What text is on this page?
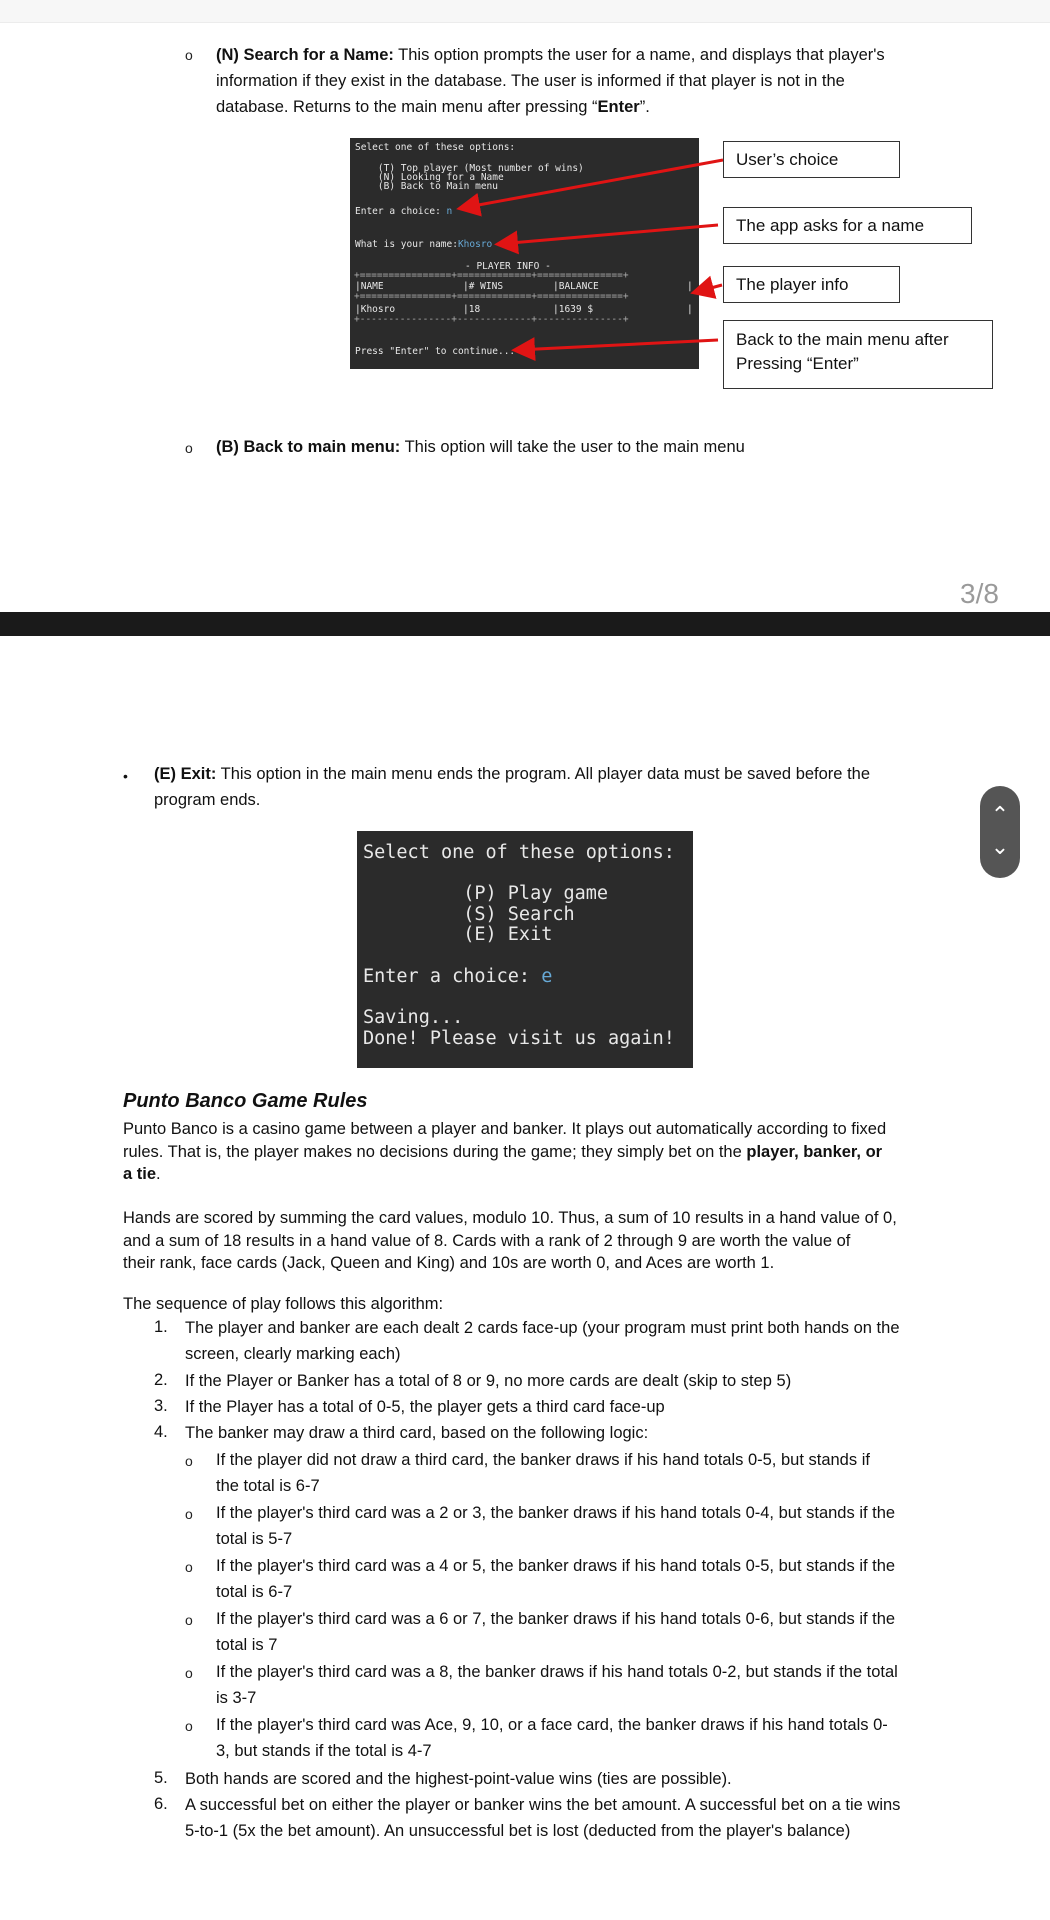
o (N) Search for a Name: This option prompts the user for a name, and displays that player's
information if they exist in the database. The user is informed if that player is not in the
database. Returns to the main menu after pressing “Enter”.
Select one of these options:
(T) Top player (Most number of wins)
(N) Looking for a Name
(B) Back to Main menu
Enter a choice: n
What is your name:Khosro
- PLAYER INFO -
+================+=============+===============+
|NAME	|# WINS	|BALANCE	|
+================+=============+===============+
|Khosro	|18	|1639 $	|
+----------------+-------------+---------------+
Press "Enter" to continue...
User’s choice
The app asks for a name
The player info
Back to the main menu after
Pressing “Enter”
o (B) Back to main menu: This option will take the user to the main menu
3/8
⌃
⌄
• (E) Exit: This option in the main menu ends the program. All player data must be saved before the
program ends.
Select one of these options:
(P) Play game
(S) Search
(E) Exit
Enter a choice: e
Saving...
Done! Please visit us again!
Punto Banco Game Rules
Punto Banco is a casino game between a player and banker. It plays out automatically according to fixed
rules. That is, the player makes no decisions during the game; they simply bet on the player, banker, or
a tie.
Hands are scored by summing the card values, modulo 10. Thus, a sum of 10 results in a hand value of 0,
and a sum of 18 results in a hand value of 8. Cards with a rank of 2 through 9 are worth the value of
their rank, face cards (Jack, Queen and King) and 10s are worth 0, and Aces are worth 1.
The sequence of play follows this algorithm:
1. The player and banker are each dealt 2 cards face-up (your program must print both hands on the
screen, clearly marking each)
2. If the Player or Banker has a total of 8 or 9, no more cards are dealt (skip to step 5)
3. If the Player has a total of 0-5, the player gets a third card face-up
4. The banker may draw a third card, based on the following logic:
o If the player did not draw a third card, the banker draws if his hand totals 0-5, but stands if
the total is 6-7
o If the player's third card was a 2 or 3, the banker draws if his hand totals 0-4, but stands if the
total is 5-7
o If the player's third card was a 4 or 5, the banker draws if his hand totals 0-5, but stands if the
total is 6-7
o If the player's third card was a 6 or 7, the banker draws if his hand totals 0-6, but stands if the
total is 7
o If the player's third card was a 8, the banker draws if his hand totals 0-2, but stands if the total
is 3-7
o If the player's third card was Ace, 9, 10, or a face card, the banker draws if his hand totals 0-
3, but stands if the total is 4-7
5. Both hands are scored and the highest-point-value wins (ties are possible).
6. A successful bet on either the player or banker wins the bet amount. A successful bet on a tie wins
5-to-1 (5x the bet amount). An unsuccessful bet is lost (deducted from the player's balance)
